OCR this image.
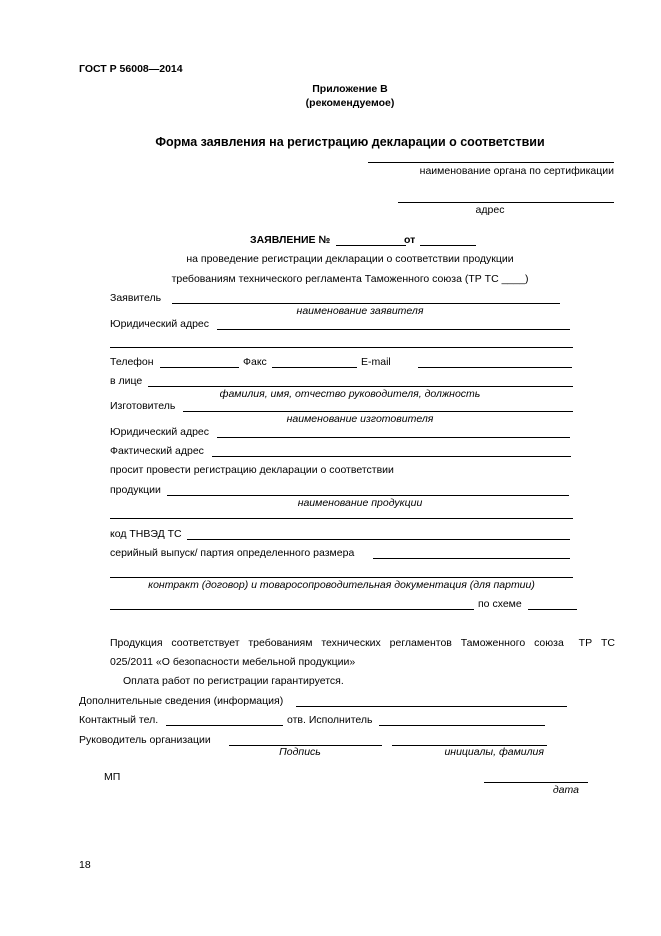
ГОСТ Р 56008—2014
Приложение В
(рекомендуемое)
Форма заявления на регистрацию декларации о соответствии
наименование органа по сертификации
адрес
ЗАЯВЛЕНИЕ №	от
на проведение регистрации декларации о соответствии продукции
требованиям технического регламента Таможенного союза (ТР ТС ____)
Заявитель
наименование заявителя
Юридический адрес
Телефон	Факс	E-mail
в лице
фамилия, имя, отчество руководителя, должность
Изготовитель
наименование изготовителя
Юридический адрес
Фактический адрес
просит провести регистрацию декларации о соответствии
продукции
наименование продукции
код ТНВЭД ТС
серийный выпуск/ партия определенного размера
контракт (договор) и товаросопроводительная документация (для партии)
по схеме
Продукция соответствует требованиям технических регламентов Таможенного союза	ТР ТС
025/2011 «О безопасности мебельной продукции»
Оплата работ по регистрации гарантируется.
Дополнительные сведения (информация)
Контактный тел.	отв. Исполнитель
Руководитель организации
Подпись	инициалы, фамилия
МП
дата
18
